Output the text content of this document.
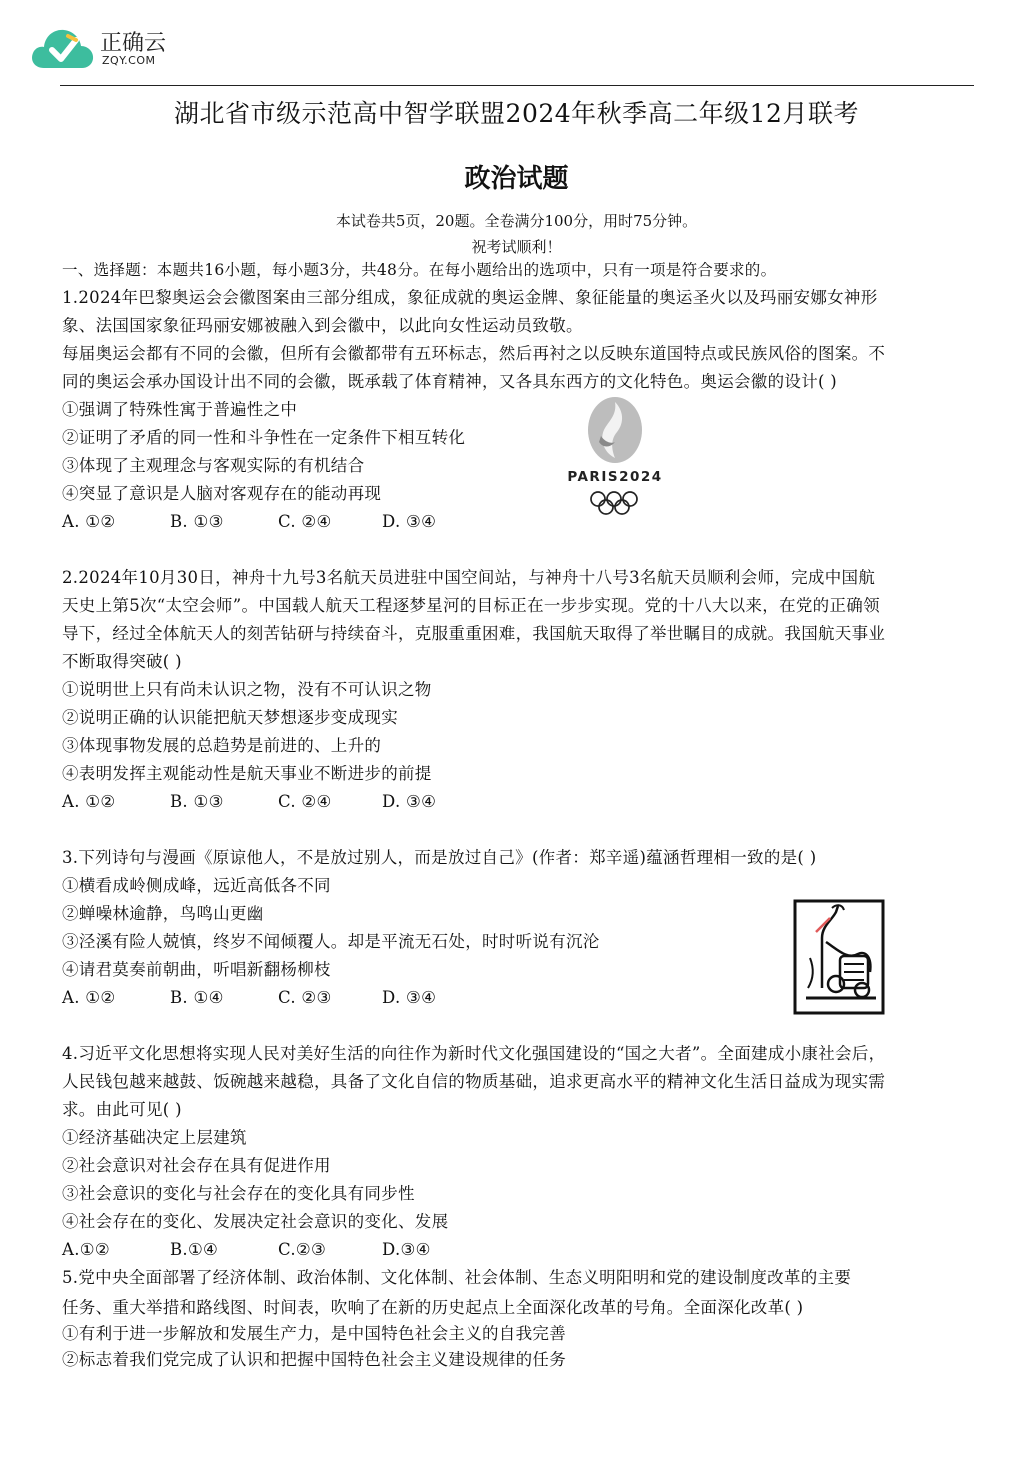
正确云
ZQY.COM
湖北省市级示范高中智学联盟2024年秋季高二年级12月联考
政治试题
本试卷共5页，20题。全卷满分100分，用时75分钟。
祝考试顺利！
一、选择题：本题共16小题，每小题3分，共48分。在每小题给出的选项中，只有一项是符合要求的。
1.2024年巴黎奥运会会徽图案由三部分组成，象征成就的奥运金牌、象征能量的奥运圣火以及玛丽安娜女神形
象、法国国家象征玛丽安娜被融入到会徽中，以此向女性运动员致敬。
每届奥运会都有不同的会徽，但所有会徽都带有五环标志，然后再衬之以反映东道国特点或民族风俗的图案。不
同的奥运会承办国设计出不同的会徽，既承载了体育精神，又各具东西方的文化特色。奥运会徽的设计( )
①强调了特殊性寓于普遍性之中
②证明了矛盾的同一性和斗争性在一定条件下相互转化
③体现了主观理念与客观实际的有机结合
④突显了意识是人脑对客观存在的能动再现
A. ①②	B. ①③	C. ②④	D. ③④
PARIS2024
2.2024年10月30日，神舟十九号3名航天员进驻中国空间站，与神舟十八号3名航天员顺利会师，完成中国航
天史上第5次“太空会师”。中国载人航天工程逐梦星河的目标正在一步步实现。党的十八大以来，在党的正确领
导下，经过全体航天人的刻苦钻研与持续奋斗，克服重重困难，我国航天取得了举世瞩目的成就。我国航天事业
不断取得突破( )
①说明世上只有尚未认识之物，没有不可认识之物
②说明正确的认识能把航天梦想逐步变成现实
③体现事物发展的总趋势是前进的、上升的
④表明发挥主观能动性是航天事业不断进步的前提
A. ①②	B. ①③	C. ②④	D. ③④
3.下列诗句与漫画《原谅他人，不是放过别人，而是放过自己》(作者：郑辛遥)蕴涵哲理相一致的是( )
①横看成岭侧成峰，远近高低各不同
②蝉噪林逾静，鸟鸣山更幽
③泾溪有险人兢慎，终岁不闻倾覆人。却是平流无石处，时时听说有沉沦
④请君莫奏前朝曲，听唱新翻杨柳枝
A. ①②	B. ①④	C. ②③	D. ③④
4.习近平文化思想将实现人民对美好生活的向往作为新时代文化强国建设的“国之大者”。全面建成小康社会后，
人民钱包越来越鼓、饭碗越来越稳，具备了文化自信的物质基础，追求更高水平的精神文化生活日益成为现实需
求。由此可见( )
①经济基础决定上层建筑
②社会意识对社会存在具有促进作用
③社会意识的变化与社会存在的变化具有同步性
④社会存在的变化、发展决定社会意识的变化、发展
A.①②	B.①④	C.②③	D.③④
5.党中央全面部署了经济体制、政治体制、文化体制、社会体制、生态义明阳明和党的建设制度改革的主要
任务、重大举措和路线图、时间表，吹响了在新的历史起点上全面深化改革的号角。全面深化改革( )
①有利于进一步解放和发展生产力，是中国特色社会主义的自我完善
②标志着我们党完成了认识和把握中国特色社会主义建设规律的任务
